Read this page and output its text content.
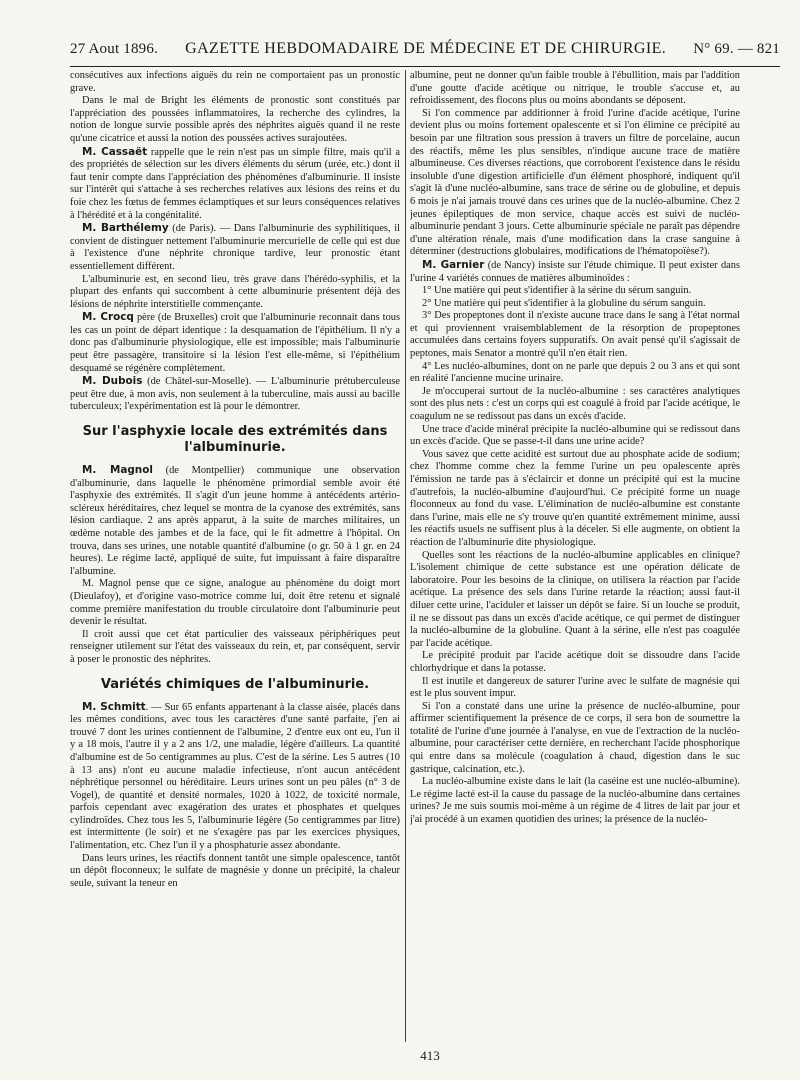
27 Aout 1896. GAZETTE HEBDOMADAIRE DE MÉDECINE ET DE CHIRURGIE. N° 69. — 821

consécutives aux infections aiguës du rein ne comportaient pas un pronostic grave.

Dans le mal de Bright les éléments de pronostic sont constitués par l'appréciation des poussées inflammatoires, la recherche des cylindres, la notion de longue survie possible après des néphrites aiguës quand il ne reste qu'une cicatrice et aussi la notion des poussées actives surajoutées.

M. Cassaët rappelle que le rein n'est pas un simple filtre, mais qu'il a des propriétés de sélection sur les divers éléments du sérum (urée, etc.) dont il faut tenir compte dans l'appréciation des phénomènes d'albuminurie. Il insiste sur l'intérêt qui s'attache à ses recherches relatives aux lésions des reins et du foie chez les fœtus de femmes éclamptiques et sur leurs conséquences relatives à l'hérédité et à la congénitalité.

M. Barthélemy (de Paris). — Dans l'albuminurie des syphilitiques, il convient de distinguer nettement l'albuminurie mercurielle de celle qui est due à l'existence d'une néphrite chronique tardive, leur pronostic étant essentiellement différent.

L'albuminurie est, en second lieu, très grave dans l'hérédo-syphilis, et la plupart des enfants qui succombent à cette albuminurie présentent déjà des lésions de néphrite interstitielle commençante.

M. Crocq père (de Bruxelles) croit que l'albuminurie reconnait dans tous les cas un point de départ identique : la desquamation de l'épithélium. Il n'y a donc pas d'albuminurie physiologique, elle est impossible; mais l'albuminurie peut être passagère, transitoire si la lésion l'est elle-même, si l'épithélium desquamé se régénère complètement.

M. Dubois (de Châtel-sur-Moselle). — L'albuminurie prétuberculeuse peut être due, à mon avis, non seulement à la tuberculine, mais aussi au bacille tuberculeux; l'expérimentation est là pour le démontrer.

Sur l'asphyxie locale des extrémités dans l'albuminurie.

M. Magnol (de Montpellier) communique une observation d'albuminurie, dans laquelle le phénomène primordial semble avoir été l'asphyxie des extrémités. Il s'agit d'un jeune homme à antécédents artério-scléreux héréditaires, chez lequel se montra de la cyanose des extrémités, sans lésion cardiaque. 2 ans après apparut, à la suite de marches militaires, un œdème notable des jambes et de la face, qui le fit admettre à l'hôpital. On trouva, dans ses urines, une notable quantité d'albumine (o gr. 50 à 1 gr. en 24 heures). Le régime lacté, appliqué de suite, fut impuissant à faire disparaître l'albumine.

M. Magnol pense que ce signe, analogue au phénomène du doigt mort (Dieulafoy), et d'origine vaso-motrice comme lui, doit être retenu et signalé comme première manifestation du trouble circulatoire dont l'albuminurie peut devenir le résultat.

Il croit aussi que cet état particulier des vaisseaux périphériques peut renseigner utilement sur l'état des vaisseaux du rein, et, par conséquent, servir à poser le pronostic des néphrites.

Variétés chimiques de l'albuminurie.

M. Schmitt. — Sur 65 enfants appartenant à la classe aisée, placés dans les mêmes conditions, avec tous les caractères d'une santé parfaite, j'en ai trouvé 7 dont les urines contiennent de l'albumine, 2 d'entre eux ont eu, l'un il y a 18 mois, l'autre il y a 2 ans 1/2, une maladie, légère d'ailleurs. La quantité d'albumine est de 5o centigrammes au plus. C'est de la sérine. Les 5 autres (10 à 13 ans) n'ont eu aucune maladie infectieuse, n'ont aucun antécédent néphrétique personnel ou héréditaire. Leurs urines sont un peu pâles (n° 3 de Vogel), de quantité et densité normales, 1020 à 1022, de toxicité normale, parfois cependant avec exagération des urates et phosphates et quelques cylindroïdes. Chez tous les 5, l'albuminurie légère (5o centigrammes par litre) est intermittente (le soir) et ne s'exagère pas par les exercices physiques, l'alimentation, etc. Chez l'un il y a phosphaturie assez abondante.

Dans leurs urines, les réactifs donnent tantôt une simple opalescence, tantôt un dépôt floconneux; le sulfate de magnésie y donne un précipité, la chaleur seule, suivant la teneur en

albumine, peut ne donner qu'un faible trouble à l'ébullition, mais par l'addition d'une goutte d'acide acétique ou nitrique, le trouble s'accuse et, au refroidissement, des flocons plus ou moins abondants se déposent.

Si l'on commence par additionner à froid l'urine d'acide acétique, l'urine devient plus ou moins fortement opalescente et si l'on élimine ce précipité au besoin par une filtration sous pression à travers un filtre de porcelaine, aucun des réactifs, même les plus sensibles, n'indique aucune trace de matière albumineuse. Ces diverses réactions, que corroborent l'existence dans le résidu insoluble d'une digestion artificielle d'un élément phosphoré, indiquent qu'il s'agit là d'une nucléo-albumine, sans trace de sérine ou de globuline, et depuis 6 mois je n'ai jamais trouvé dans ces urines que de la nucléo-albumine. Chez 2 jeunes épileptiques de mon service, chaque accès est suivi de nucléo-albuminurie pendant 3 jours. Cette albuminurie spéciale ne paraît pas dépendre d'une altération rénale, mais d'une modification dans la crase sanguine à déterminer (destructions globulaires, modifications de l'hématopoïèse?).

M. Garnier (de Nancy) insiste sur l'étude chimique. Il peut exister dans l'urine 4 variétés connues de matières albuminoïdes :

1° Une matière qui peut s'identifier à la sérine du sérum sanguin.

2° Une matière qui peut s'identifier à la globuline du sérum sanguin.

3° Des propeptones dont il n'existe aucune trace dans le sang à l'état normal et qui proviennent vraisemblablement de la résorption de propeptones accumulées dans certains foyers suppuratifs. On avait pensé qu'il s'agissait de peptones, mais Senator a montré qu'il n'en était rien.

4° Les nucléo-albumines, dont on ne parle que depuis 2 ou 3 ans et qui sont en réalité l'ancienne mucine urinaire.

Je m'occuperai surtout de la nucléo-albumine : ses caractères analytiques sont des plus nets : c'est un corps qui est coagulé à froid par l'acide acétique, le coagulum ne se redissout pas dans un excès d'acide.

Une trace d'acide minéral précipite la nucléo-albumine qui se redissout dans un excès d'acide. Que se passe-t-il dans une urine acide?

Vous savez que cette acidité est surtout due au phosphate acide de sodium; chez l'homme comme chez la femme l'urine un peu opalescente après l'émission ne tarde pas à s'éclaircir et donne un précipité qui est la mucine d'autrefois, la nucléo-albumine d'aujourd'hui. Ce précipité forme un nuage floconneux au fond du vase. L'élimination de nucléo-albumine est constante dans l'urine, mais elle ne s'y trouve qu'en quantité extrêmement minime, aussi les réactifs usuels ne suffisent plus à la déceler. Si elle augmente, on obtient la réaction de l'albuminurie dite physiologique.

Quelles sont les réactions de la nucléo-albumine applicables en clinique? L'isolement chimique de cette substance est une opération délicate de laboratoire. Pour les besoins de la clinique, on utilisera la réaction par l'acide acétique. La présence des sels dans l'urine retarde la réaction; aussi faut-il diluer cette urine, l'aciduler et laisser un dépôt se faire. Si un louche se produit, il ne se dissout pas dans un excès d'acide acétique, ce qui permet de distinguer la nucléo-albumine de la globuline. Quant à la sérine, elle n'est pas coagulée par l'acide acétique.

Le précipité produit par l'acide acétique doit se dissoudre dans l'acide chlorhydrique et dans la potasse.

Il est inutile et dangereux de saturer l'urine avec le sulfate de magnésie qui est le plus souvent impur.

Si l'on a constaté dans une urine la présence de nucléo-albumine, pour affirmer scientifiquement la présence de ce corps, il sera bon de soumettre la totalité de l'urine d'une journée à l'analyse, en vue de l'extraction de la nucléo-albumine, pour caractériser cette dernière, en recherchant l'acide phosphorique qui entre dans sa molécule (coagulation à chaud, digestion dans le suc gastrique, calcination, etc.).

La nucléo-albumine existe dans le lait (la caséine est une nucléo-albumine). Le régime lacté est-il la cause du passage de la nucléo-albumine dans certaines urines? Je me suis soumis moi-même à un régime de 4 litres de lait par jour et j'ai procédé à un examen quotidien des urines; la présence de la nucléo-

413
